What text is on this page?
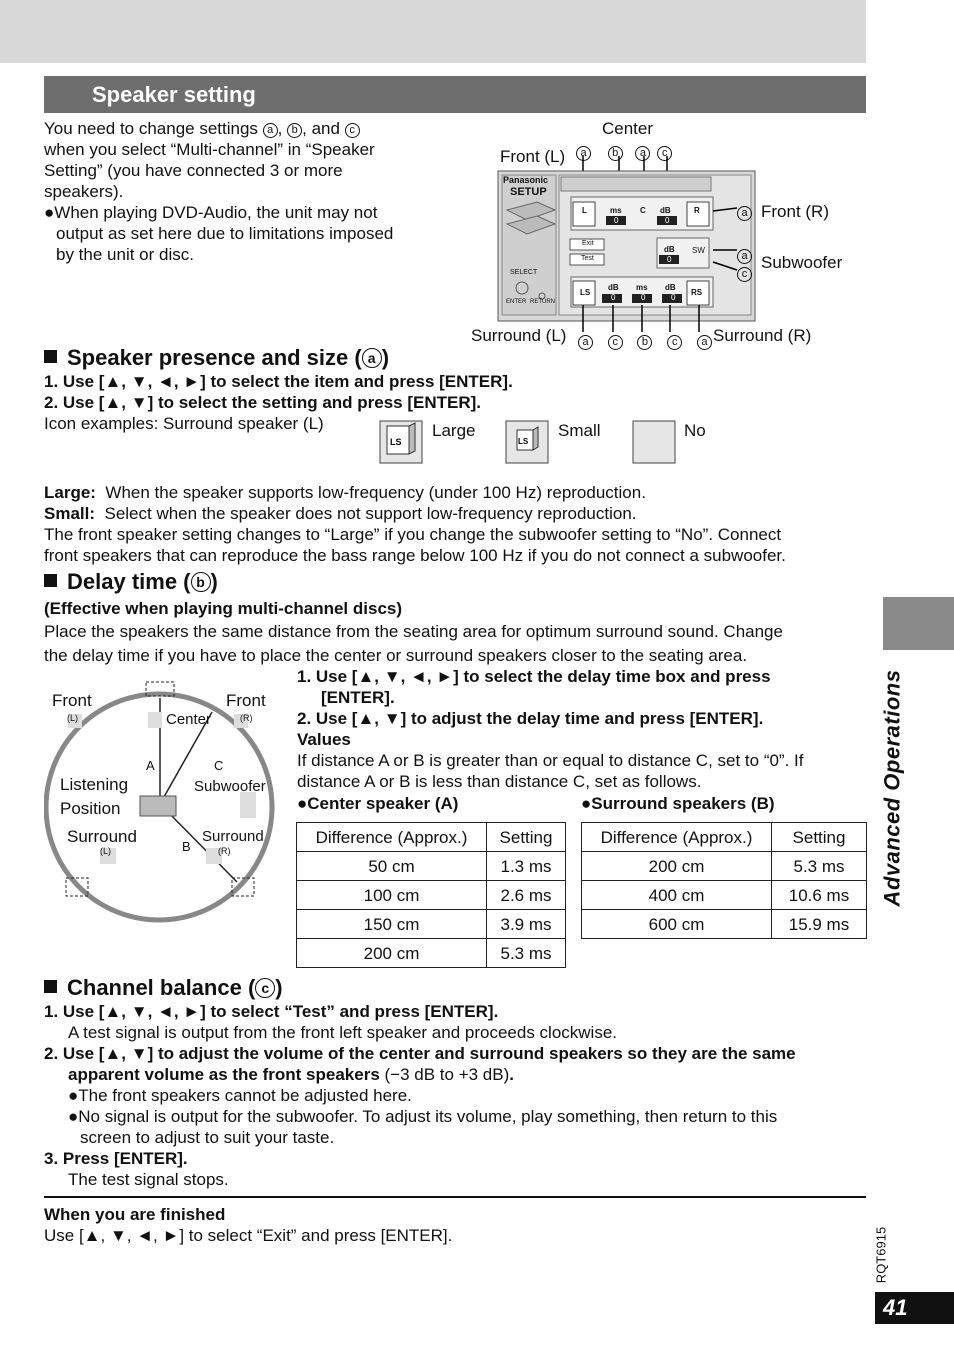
Speaker setting
You need to change settings a , b , and c
when you select “Multi-channel” in “Speaker
Setting” (you have connected 3 or more
speakers).
●When playing DVD-Audio, the unit may not
output as set here due to limitations imposed
by the unit or disc.
Center
Front (L)	a b a c
Panasonic
SETUP
SELECT
ENTER RETURN
Exit
Test
L	R
ms C dB
0	0
dB
0
SW
LS	RS
dB ms dB
0	0	0
a Front (R)
a
c
Subwoofer
Surround (L)	a c b c a Surround (R)
Speaker presence and size ( a )
1. Use [▲, ▼, ◄, ►] to select the item and press [ENTER].
2. Use [▲, ▼] to select the setting and press [ENTER].
Icon examples: Surround speaker (L)
LS
Large
LS
Small	No
Large: When the speaker supports low-frequency (under 100 Hz) reproduction.
Small: Select when the speaker does not support low-frequency reproduction.
The front speaker setting changes to “Large” if you change the subwoofer setting to “No”. Connect
front speakers that can reproduce the bass range below 100 Hz if you do not connect a subwoofer.
Delay time ( b )
(Effective when playing multi-channel discs)
Place the speakers the same distance from the seating area for optimum surround sound. Change
the delay time if you have to place the center or surround speakers closer to the seating area.
Front
(L)
Front
(R)
Center
A	C
Listening
Position
Subwoofer
Surround
(L)	B
Surround
(R)
1. Use [▲, ▼, ◄, ►] to select the delay time box and press
[ENTER].
2. Use [▲, ▼] to adjust the delay time and press [ENTER].
Values
If distance A or B is greater than or equal to distance C, set to “0”. If
distance A or B is less than distance C, set as follows.
●Center speaker (A)	●Surround speakers (B)
Difference (Approx.)	Setting
50 cm	1.3 ms
100 cm	2.6 ms
150 cm	3.9 ms
200 cm	5.3 ms
Difference (Approx.)	Setting
200 cm	5.3 ms
400 cm	10.6 ms
600 cm	15.9 ms
Channel balance ( c )
1. Use [▲, ▼, ◄, ►] to select “Test” and press [ENTER].
A test signal is output from the front left speaker and proceeds clockwise.
2. Use [▲, ▼] to adjust the volume of the center and surround speakers so they are the same
apparent volume as the front speakers (−3 dB to +3 dB).
●The front speakers cannot be adjusted here.
●No signal is output for the subwoofer. To adjust its volume, play something, then return to this
screen to adjust to suit your taste.
3. Press [ENTER].
The test signal stops.
When you are finished
Use [▲, ▼, ◄, ►] to select “Exit” and press [ENTER].
Advanced Operations
RQT6915
41
